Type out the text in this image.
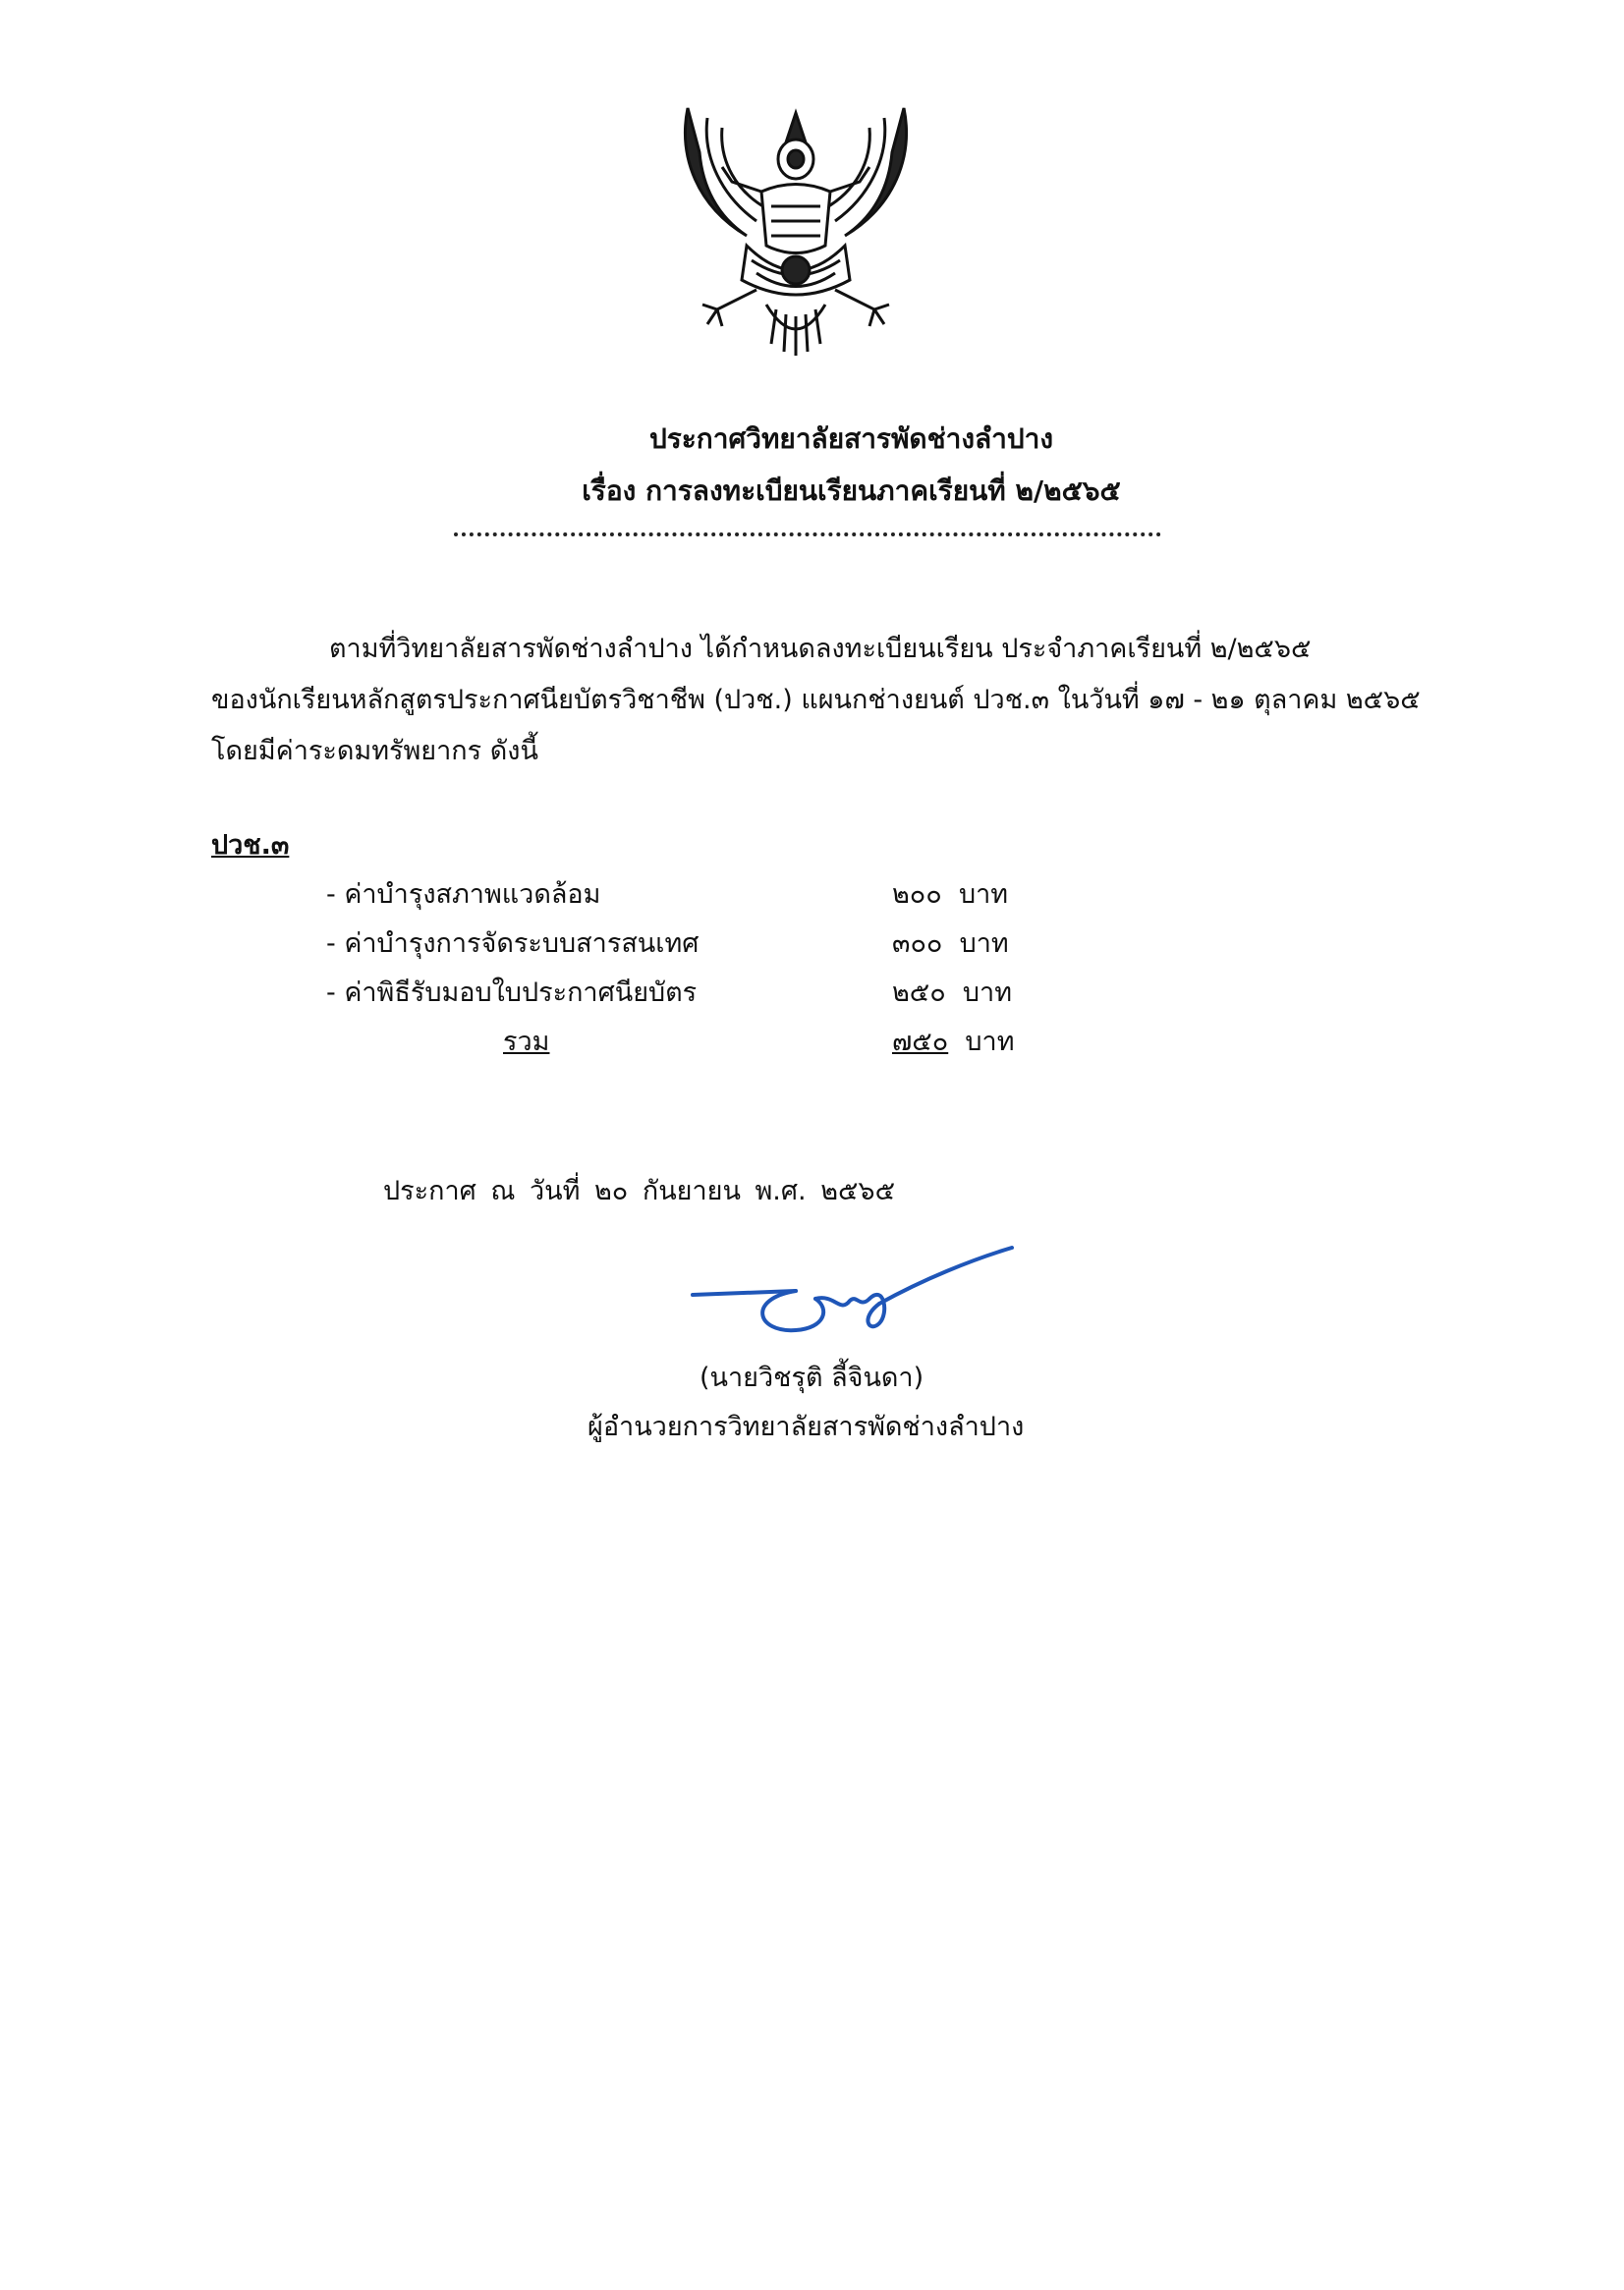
ประกาศวิทยาลัยสารพัดช่างลำปาง
เรื่อง การลงทะเบียนเรียนภาคเรียนที่ ๒/๒๕๖๕
ตามที่วิทยาลัยสารพัดช่างลำปาง ได้กำหนดลงทะเบียนเรียน ประจำภาคเรียนที่ ๒/๒๕๖๕
ของนักเรียนหลักสูตรประกาศนียบัตรวิชาชีพ (ปวช.) แผนกช่างยนต์ ปวช.๓ ในวันที่ ๑๗ - ๒๑ ตุลาคม ๒๕๖๕
โดยมีค่าระดมทรัพยากร ดังนี้
ปวช.๓
- ค่าบำรุงสภาพแวดล้อม	๒๐๐ บาท
- ค่าบำรุงการจัดระบบสารสนเทศ	๓๐๐ บาท
- ค่าพิธีรับมอบใบประกาศนียบัตร	๒๕๐ บาท
รวม	๗๕๐ บาท
ประกาศ ณ วันที่ ๒๐ กันยายน พ.ศ. ๒๕๖๕
(นายวิชรุติ ลี้จินดา)
ผู้อำนวยการวิทยาลัยสารพัดช่างลำปาง
